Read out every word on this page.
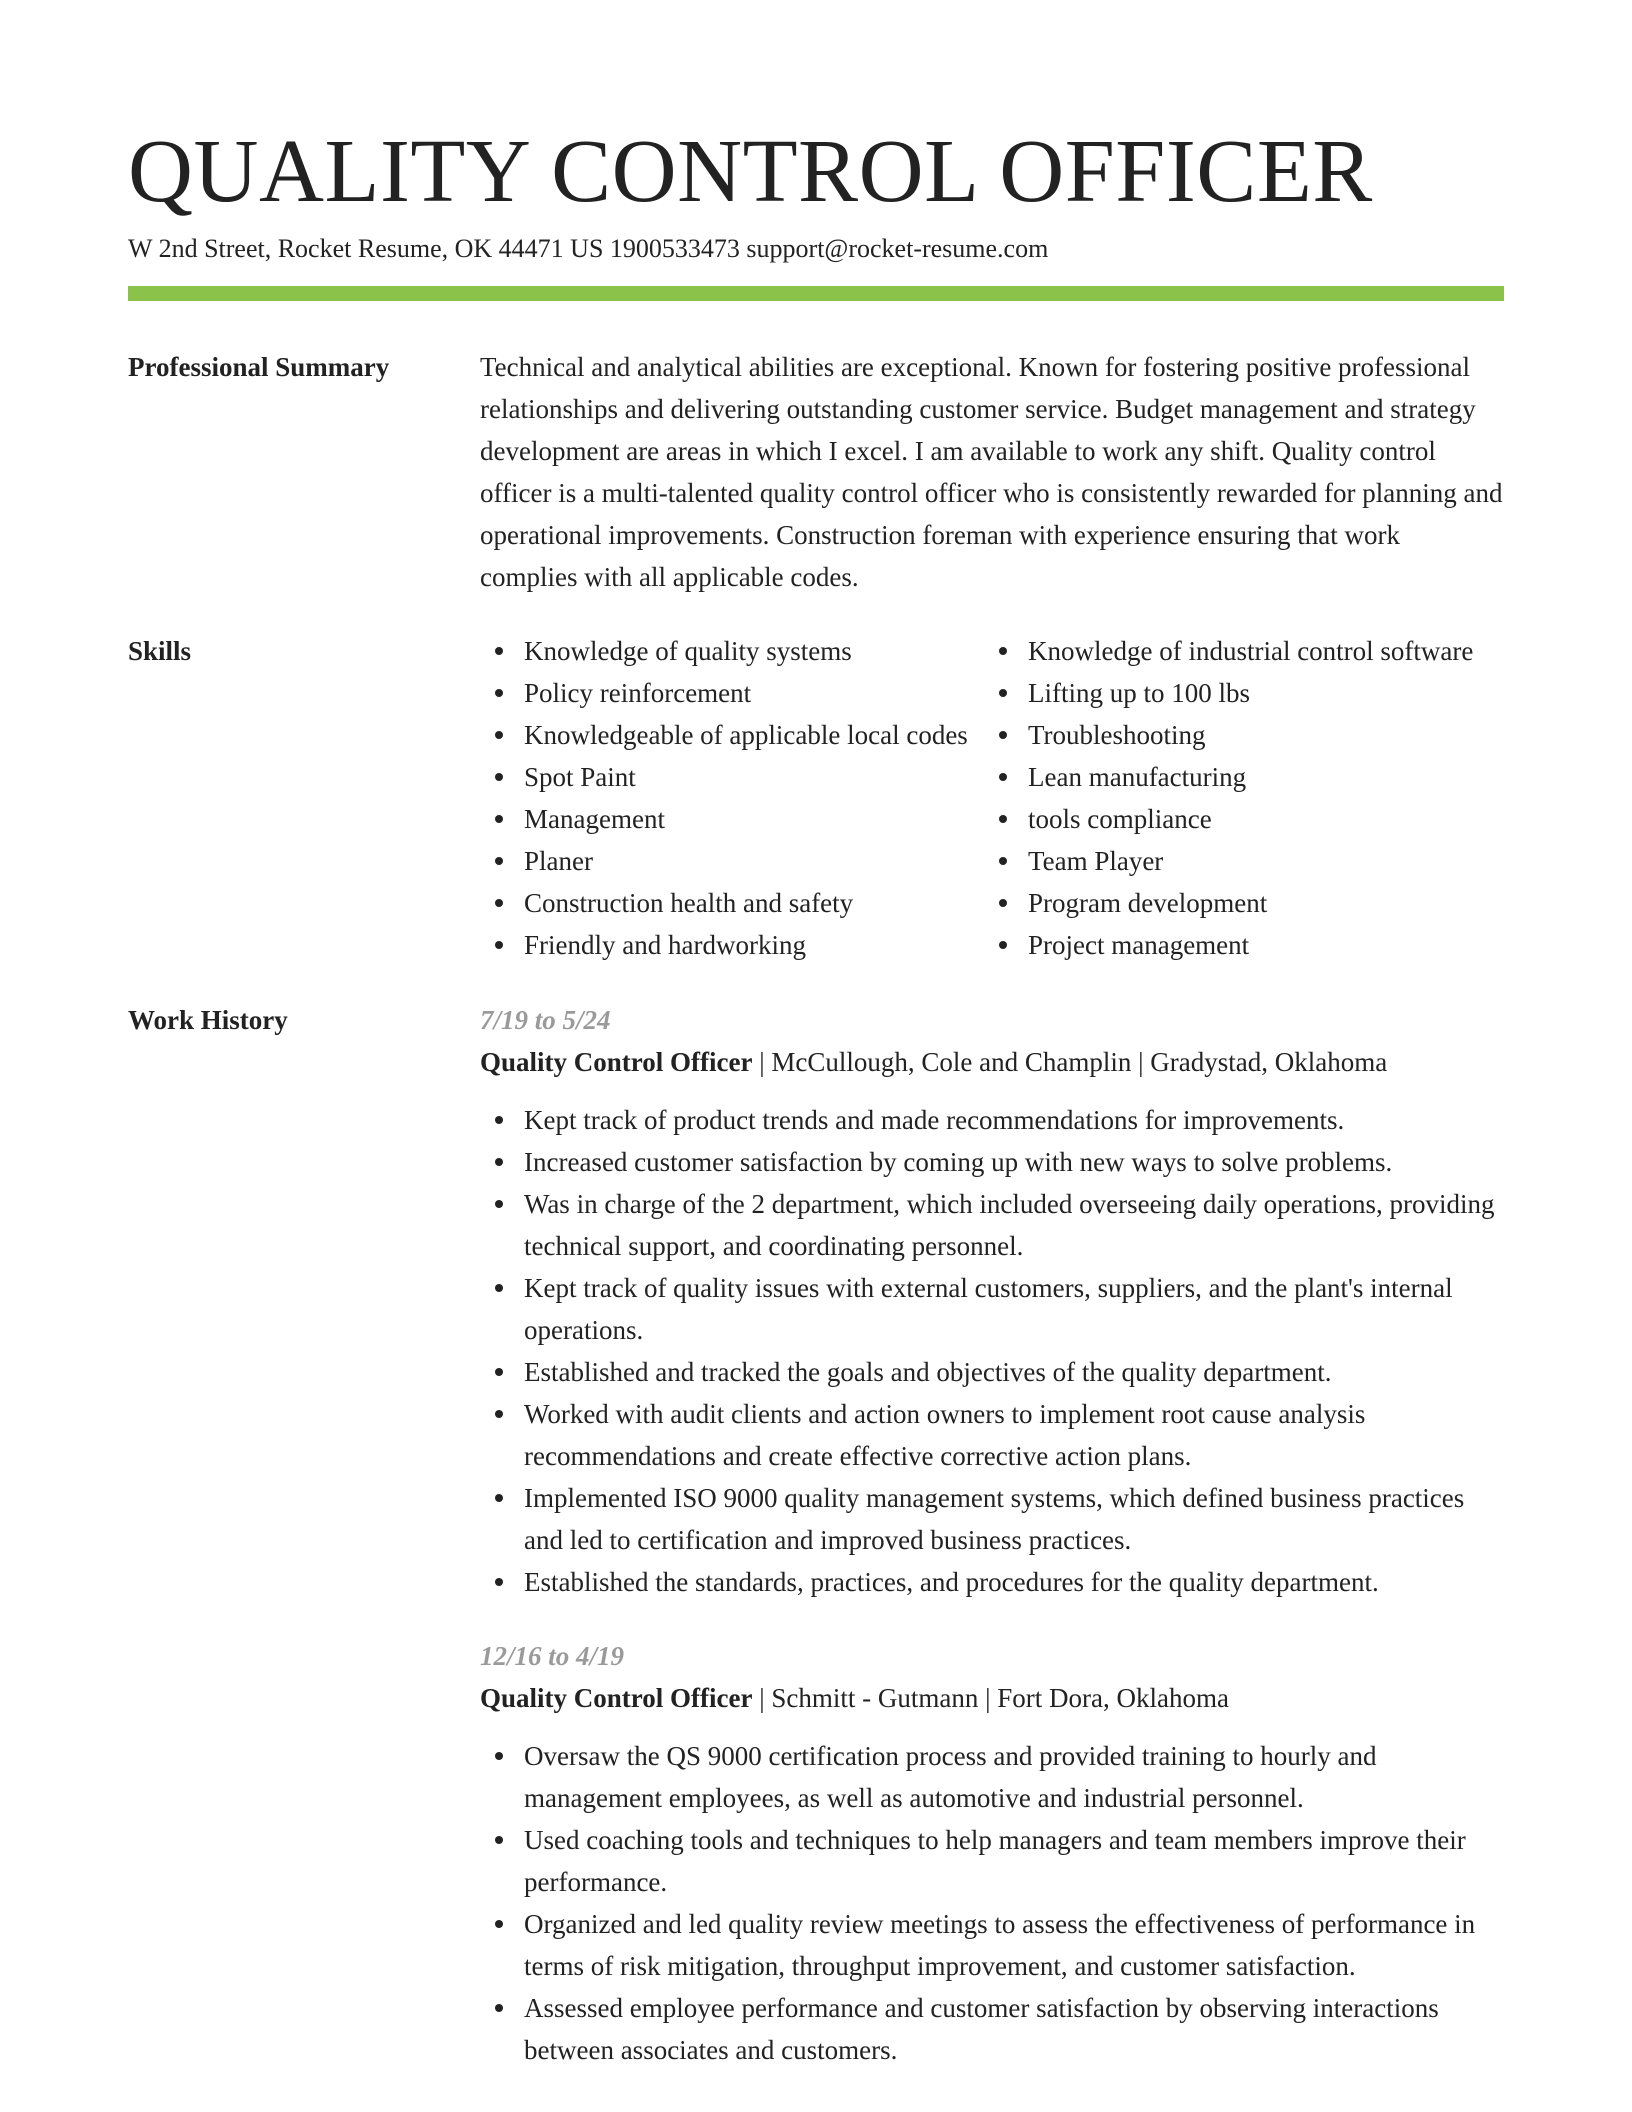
QUALITY CONTROL OFFICER
W 2nd Street, Rocket Resume, OK 44471 US 1900533473 support@rocket-resume.com
Professional Summary	Technical and analytical abilities are exceptional. Known for fostering positive professional relationships and delivering outstanding customer service. Budget management and strategy development are areas in which I excel. I am available to work any shift. Quality control officer is a multi-talented quality control officer who is consistently rewarded for planning and operational improvements. Construction foreman with experience ensuring that work complies with all applicable codes.

Skills	Knowledge of quality systems
Policy reinforcement
Knowledgeable of applicable local codes
Spot Paint
Management
Planer
Construction health and safety
Friendly and hardworking
Knowledge of industrial control software
Lifting up to 100 lbs
Troubleshooting
Lean manufacturing
tools compliance
Team Player
Program development
Project management
Work History	7/19 to 5/24
Quality Control Officer | McCullough, Cole and Champlin | Gradystad, Oklahoma
Kept track of product trends and made recommendations for improvements.
Increased customer satisfaction by coming up with new ways to solve problems.
Was in charge of the 2 department, which included overseeing daily operations, providing technical support, and coordinating personnel.
Kept track of quality issues with external customers, suppliers, and the plant's internal operations.
Established and tracked the goals and objectives of the quality department.
Worked with audit clients and action owners to implement root cause analysis recommendations and create effective corrective action plans.
Implemented ISO 9000 quality management systems, which defined business practices and led to certification and improved business practices.
Established the standards, practices, and procedures for the quality department.
12/16 to 4/19
Quality Control Officer | Schmitt - Gutmann | Fort Dora, Oklahoma
Oversaw the QS 9000 certification process and provided training to hourly and management employees, as well as automotive and industrial personnel.
Used coaching tools and techniques to help managers and team members improve their performance.
Organized and led quality review meetings to assess the effectiveness of performance in terms of risk mitigation, throughput improvement, and customer satisfaction.
Assessed employee performance and customer satisfaction by observing interactions between associates and customers.
